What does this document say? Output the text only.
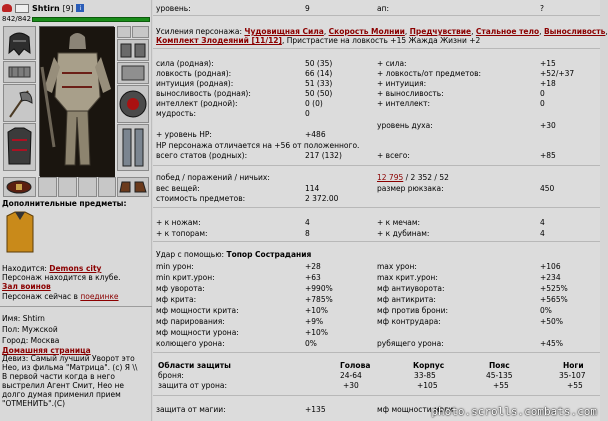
Shtirn [9]	i
842/842
Дополнительные предметы:
Находится: Demons city
Персонаж находится в клубе.
Зал воинов
Персонаж сейчас в поединке
Имя: Shtirn
Пол: Мужской
Город: Москва
Домашняя страница
Девиз: Самый лучший Уворот это
Нео, из фильма "Матрица". (с) Я \\
В первой части когда в него
выстрелил Агент Смит, Нео не
долго думая применил прием
"ОТМЕНИТЬ".(С)
уровень:	9	ап:	?
Усиления персонажа: Чудовищная Сила, Скорость Молнии, Предчувствие, Стальное тело, Выносливость,
Комплект Злодеяний [11/12], Пристрастие на ловкость +15 Жажда Жизни +2
сила (родная):	50 (35)	+ сила:	+15
ловкость (родная):	66 (14)	+ ловкость/от предметов:	+52/+37
интуиция (родная):	51 (33)	+ интуиция:	+18
выносливость (родная):	50 (50)	+ выносливость:	0
интеллект (родной):	0 (0)	+ интеллект:	0
мудрость:	0
уровень духа:	+30
+ уровень HP:	+486
HP персонажа отличается на +56 от положенного.
всего статов (родных):	217 (132)	+ всего:	+85
побед / поражений / ничьих:	12 795 / 2 352 / 52
вес вещей:	114	размер рюкзака:	450
стоимость предметов:	2 372.00
+ к ножам:	4	+ к мечам:	4
+ к топорам:	8	+ к дубинам:	4
Удар с помощью: Топор Сострадания
min урон:	+28	max урон:	+106
min крит.урон:	+63	max крит.урон:	+234
мф уворота:	+990%	мф антиуворота:	+525%
мф крита:	+785%	мф антикрита:	+565%
мф мощности крита:	+10%	мф против брони:	0%
мф парирования:	+9%	мф контрудара:	+50%
мф мощности урона:	+10%
колющего урона:	0%	рубящего урона:	+45%
Области защиты	Голова	Корпус	Пояс	Ноги
броня:	24-64	33-85	45-135	35-107
защита от урона:	+30	+105	+55	+55
защита от магии:	+135	мф мощности маги
photo.scrolls.combats.com
